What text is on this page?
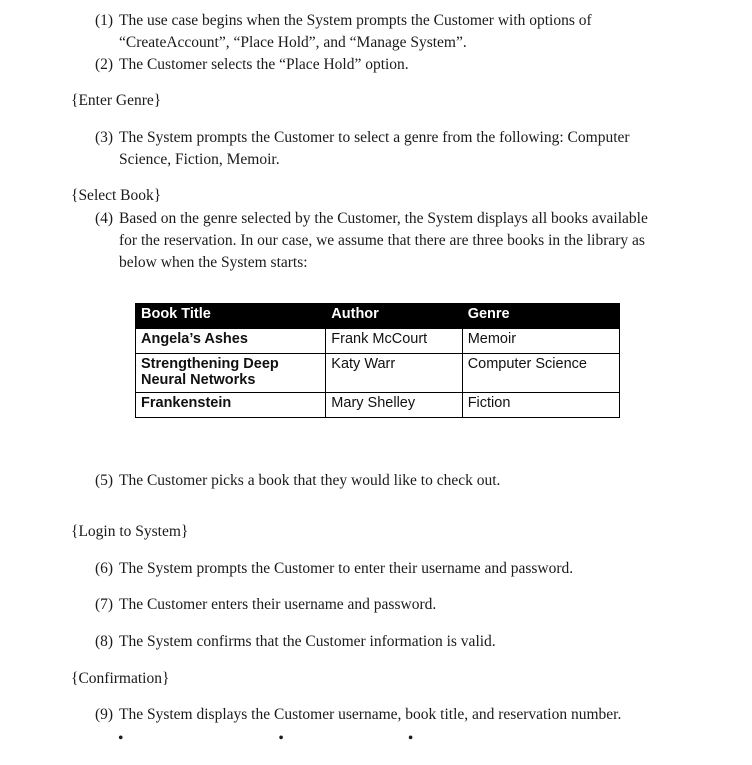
(1) The use case begins when the System prompts the Customer with options of
“CreateAccount”, “Place Hold”, and “Manage System”.
(2) The Customer selects the “Place Hold” option.
{Enter Genre}
(3) The System prompts the Customer to select a genre from the following: Computer
Science, Fiction, Memoir.
{Select Book}
(4) Based on the genre selected by the Customer, the System displays all books available
for the reservation. In our case, we assume that there are three books in the library as
below when the System starts:
Book Title	Author	Genre
Angela’s Ashes	Frank McCourt	Memoir
Strengthening Deep Neural Networks	Katy Warr	Computer Science
Frankenstein	Mary Shelley	Fiction
(5) The Customer picks a book that they would like to check out.
{Login to System}
(6) The System prompts the Customer to enter their username and password.
(7) The Customer enters their username and password.
(8) The System confirms that the Customer information is valid.
{Confirmation}
(9) The System displays the Customer username, book title, and reservation number.
•          •        •
